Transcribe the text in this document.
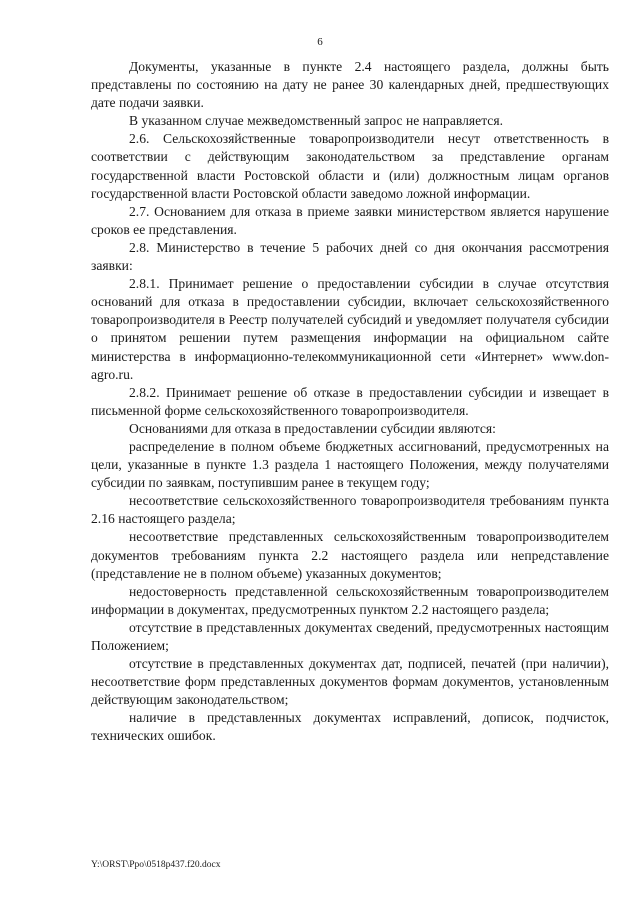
6

Документы, указанные в пункте 2.4 настоящего раздела, должны быть представлены по состоянию на дату не ранее 30 календарных дней, предшествующих дате подачи заявки.

В указанном случае межведомственный запрос не направляется.

2.6. Сельскохозяйственные товаропроизводители несут ответственность в соответствии с действующим законодательством за представление органам государственной власти Ростовской области и (или) должностным лицам органов государственной власти Ростовской области заведомо ложной информации.

2.7. Основанием для отказа в приеме заявки министерством является нарушение сроков ее представления.

2.8. Министерство в течение 5 рабочих дней со дня окончания рассмотрения заявки:

2.8.1. Принимает решение о предоставлении субсидии в случае отсутствия оснований для отказа в предоставлении субсидии, включает сельскохозяйственного товаропроизводителя в Реестр получателей субсидий и уведомляет получателя субсидии о принятом решении путем размещения информации на официальном сайте министерства в информационно-телекоммуникационной сети «Интернет» www.don-agro.ru.

2.8.2. Принимает решение об отказе в предоставлении субсидии и извещает в письменной форме сельскохозяйственного товаропроизводителя.

Основаниями для отказа в предоставлении субсидии являются:

распределение в полном объеме бюджетных ассигнований, предусмотренных на цели, указанные в пункте 1.3 раздела 1 настоящего Положения, между получателями субсидии по заявкам, поступившим ранее в текущем году;

несоответствие сельскохозяйственного товаропроизводителя требованиям пункта 2.16 настоящего раздела;

несоответствие представленных сельскохозяйственным товаропроизводителем документов требованиям пункта 2.2 настоящего раздела или непредставление (представление не в полном объеме) указанных документов;

недостоверность представленной сельскохозяйственным товаропроизводителем информации в документах, предусмотренных пунктом 2.2 настоящего раздела;

отсутствие в представленных документах сведений, предусмотренных настоящим Положением;

отсутствие в представленных документах дат, подписей, печатей (при наличии), несоответствие форм представленных документов формам документов, установленным действующим законодательством;

наличие в представленных документах исправлений, дописок, подчисток, технических ошибок.

Y:\ORST\Ppo\0518p437.f20.docx
